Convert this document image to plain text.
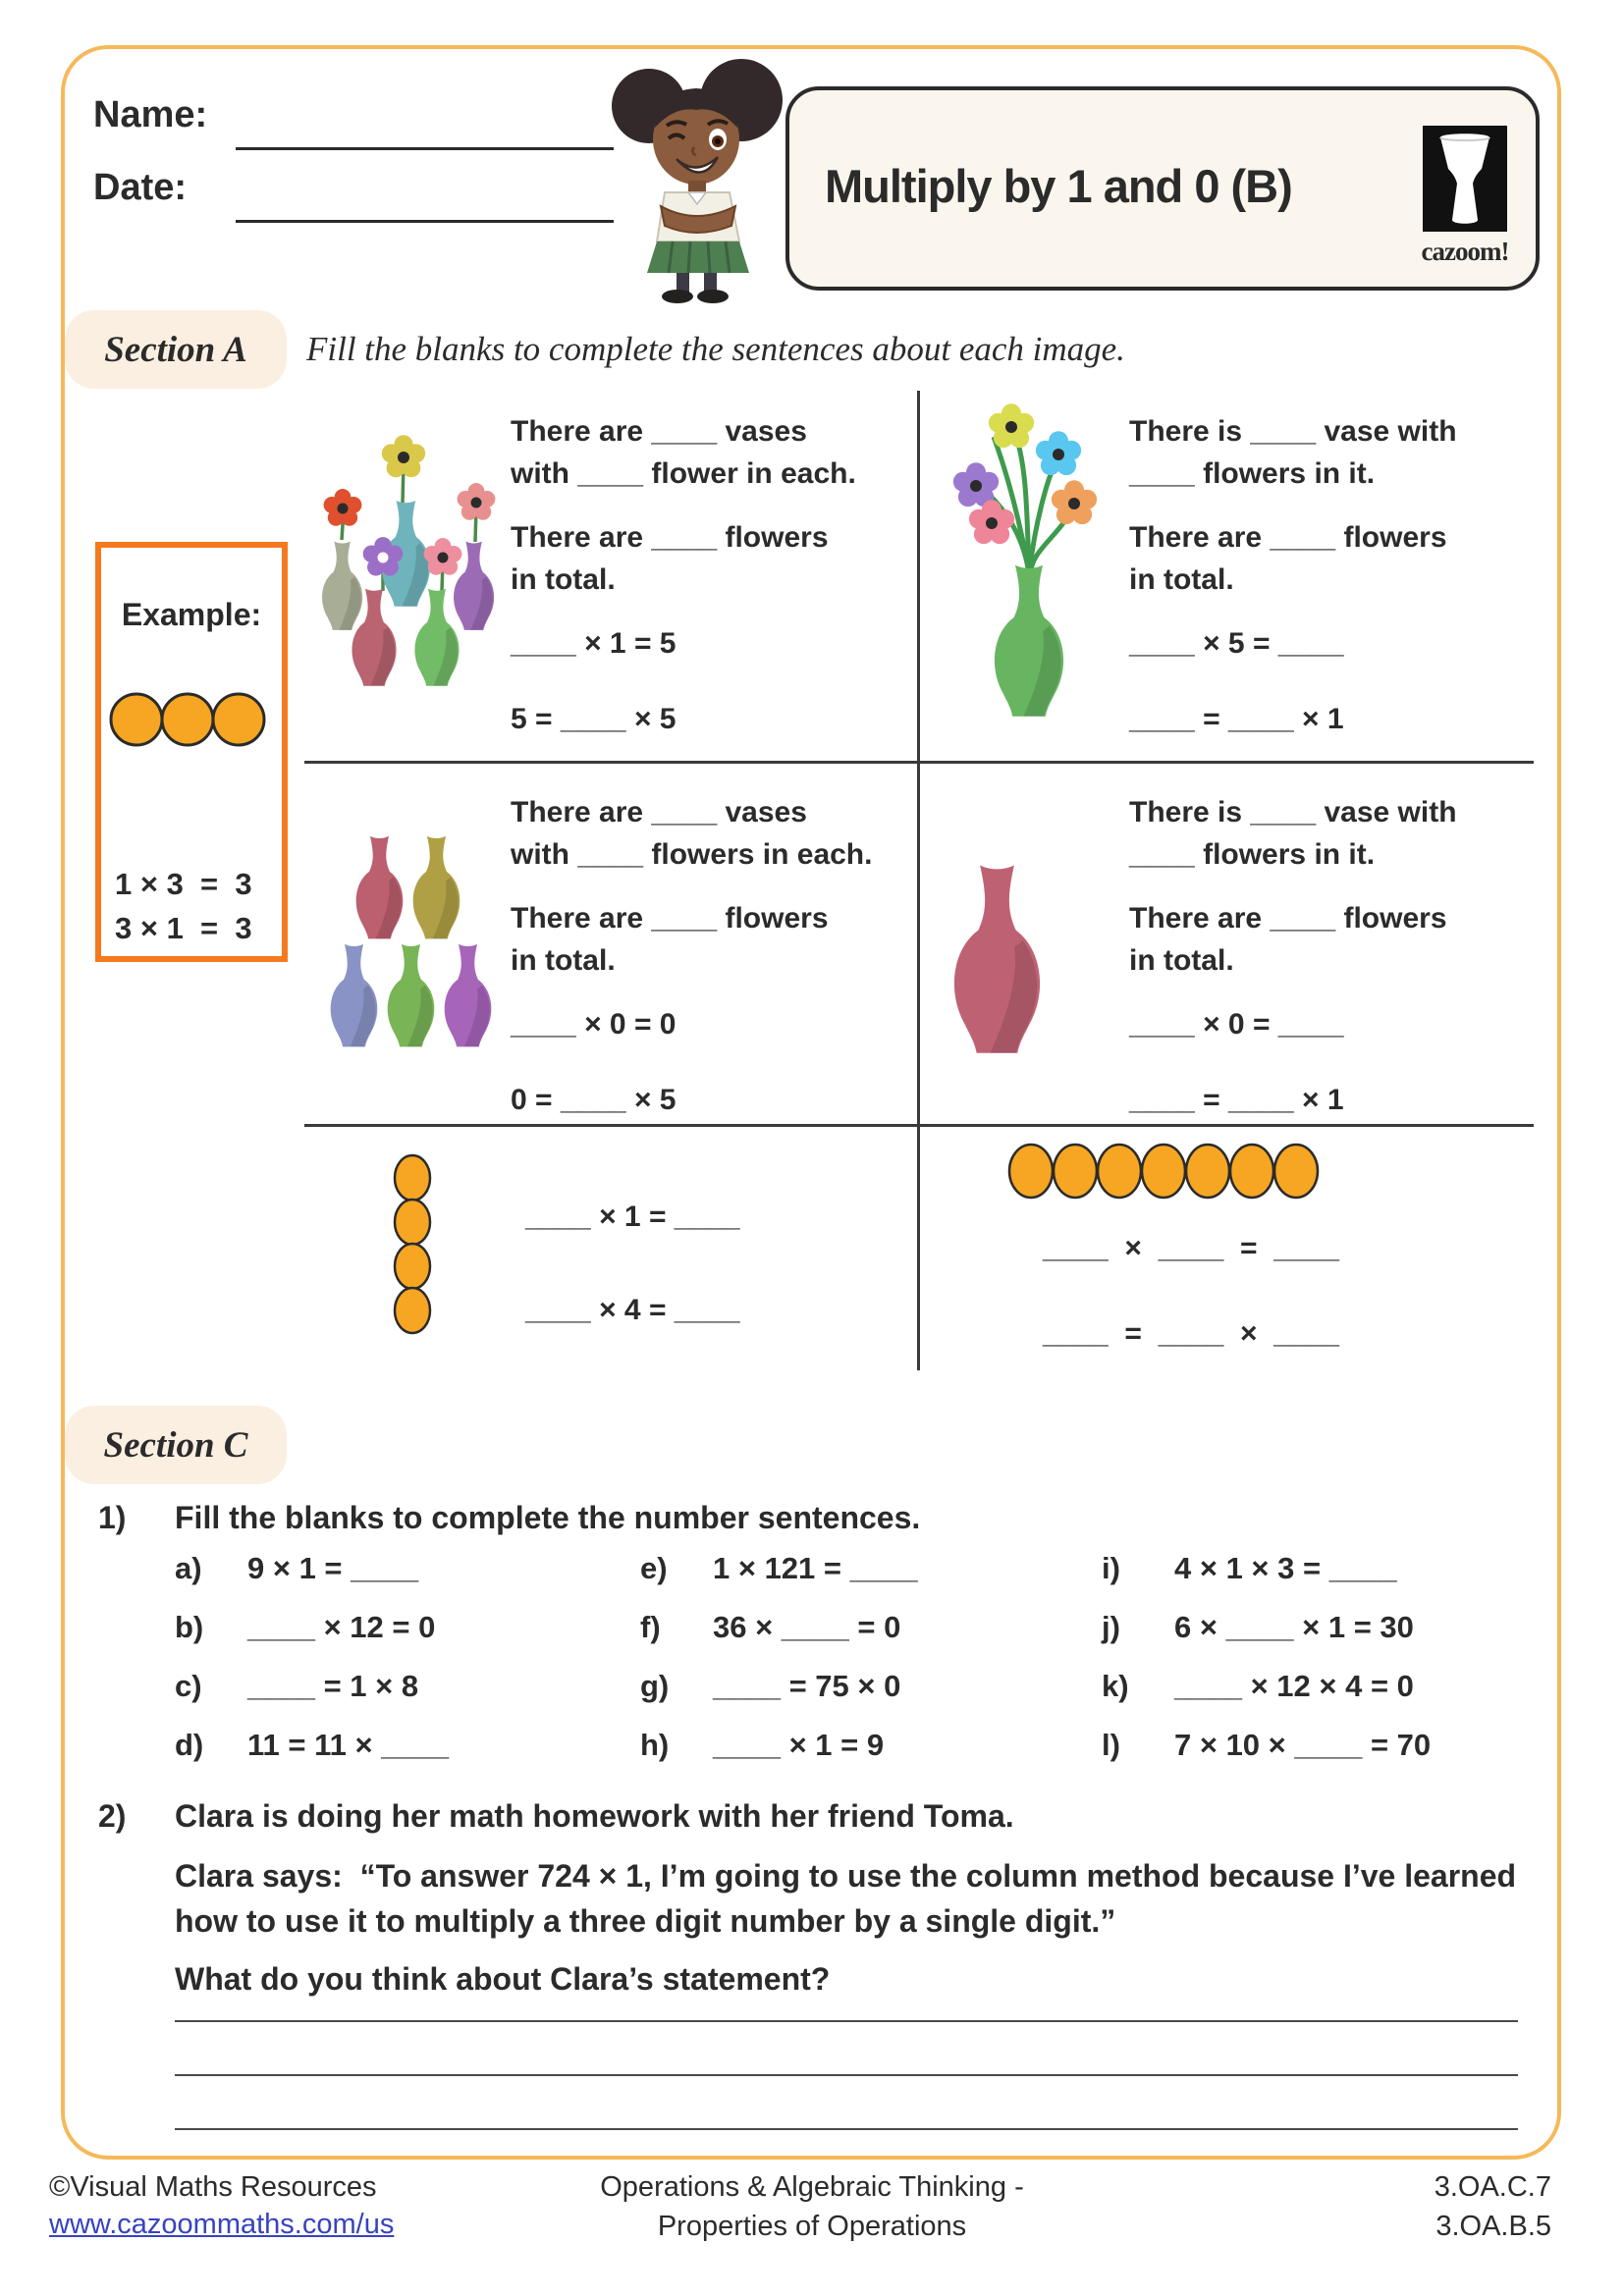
Name:
Date:	Multiply by 1 and 0 (B)
cazoom!
Section A	Fill the blanks to complete the sentences about each image.
Example:
1 × 3  =  3
3 × 1  =  3
There are ____ vases
with ____ flower in each.
There are ____ flowers
in total.
____ × 1 = 5
5 = ____ × 5
There is ____ vase with
____ flowers in it.
There are ____ flowers
in total.
____ × 5 = ____
____ = ____ × 1
There are ____ vases
with ____ flowers in each.
There are ____ flowers
in total.
____ × 0 = 0
0 = ____ × 5
There is ____ vase with
____ flowers in it.
There are ____ flowers
in total.
____ × 0 = ____
____ = ____ × 1
____ × 1 = ____
____ × 4 = ____
____  ×  ____  =  ____
____  =  ____  ×  ____
Section C
1) Fill the blanks to complete the number sentences.
a) 9 × 1 = ____
b) ____ × 12 = 0
c) ____ = 1 × 8
d) 11 = 11 × ____
e) 1 × 121 = ____
f) 36 × ____ = 0
g) ____ = 75 × 0
h) ____ × 1 = 9
i) 4 × 1 × 3 = ____
j) 6 × ____ × 1 = 30
k) ____ × 12 × 4 = 0
l) 7 × 10 × ____ = 70
2) Clara is doing her math homework with her friend Toma.
Clara says:  “To answer 724 × 1, I’m going to use the column method because I’ve learned how to use it to multiply a three digit number by a single digit.”
What do you think about Clara’s statement?
©Visual Maths Resources
www.cazoommaths.com/us
Operations & Algebraic Thinking -
Properties of Operations
3.OA.C.7
3.OA.B.5
